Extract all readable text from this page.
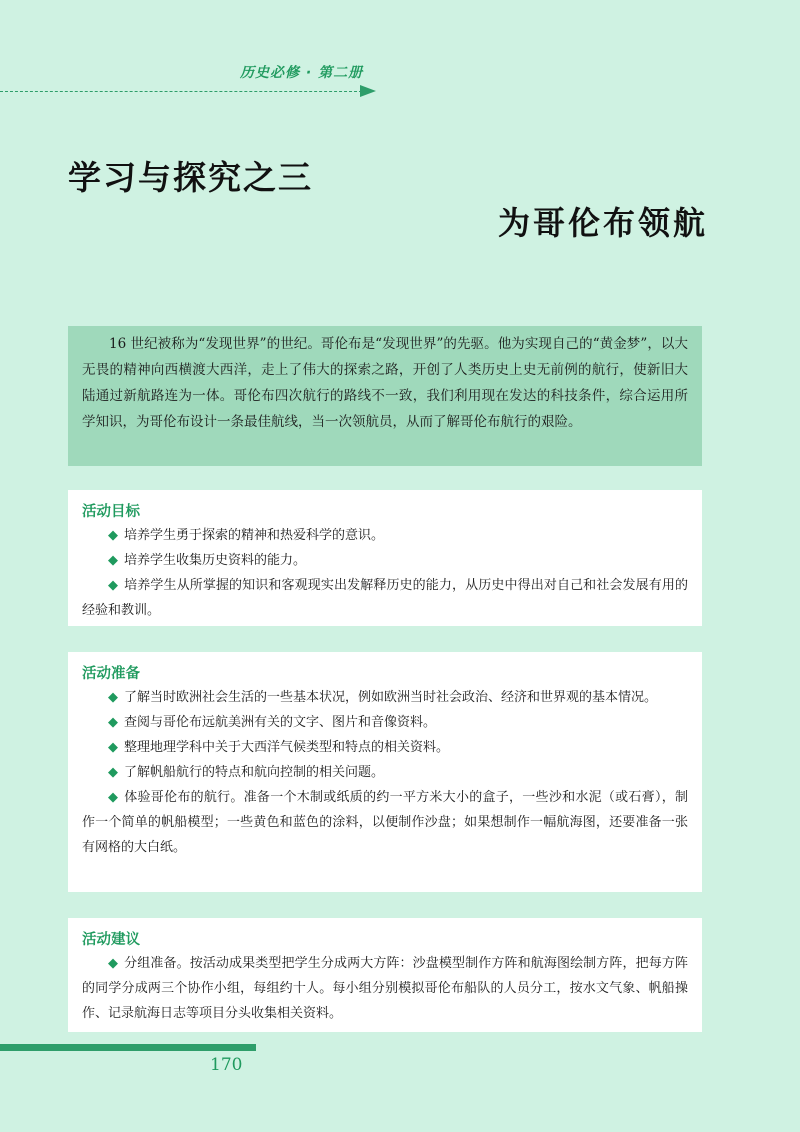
历史必修 · 第二册
学习与探究之三
为哥伦布领航

16 世纪被称为“发现世界”的世纪。哥伦布是“发现世界”的先驱。他为实现自己的“黄金梦”，以大无畏的精神向西横渡大西洋，走上了伟大的探索之路，开创了人类历史上史无前例的航行，使新旧大陆通过新航路连为一体。哥伦布四次航行的路线不一致，我们利用现在发达的科技条件，综合运用所学知识，为哥伦布设计一条最佳航线，当一次领航员，从而了解哥伦布航行的艰险。

活动目标
◆ 培养学生勇于探索的精神和热爱科学的意识。
◆ 培养学生收集历史资料的能力。
◆ 培养学生从所掌握的知识和客观现实出发解释历史的能力，从历史中得出对自己和社会发展有用的经验和教训。
活动准备
◆ 了解当时欧洲社会生活的一些基本状况，例如欧洲当时社会政治、经济和世界观的基本情况。
◆ 查阅与哥伦布远航美洲有关的文字、图片和音像资料。
◆ 整理地理学科中关于大西洋气候类型和特点的相关资料。
◆ 了解帆船航行的特点和航向控制的相关问题。
◆ 体验哥伦布的航行。准备一个木制或纸质的约一平方米大小的盒子，一些沙和水泥（或石膏），制作一个简单的帆船模型；一些黄色和蓝色的涂料，以便制作沙盘；如果想制作一幅航海图，还要准备一张有网格的大白纸。
活动建议
◆ 分组准备。按活动成果类型把学生分成两大方阵：沙盘模型制作方阵和航海图绘制方阵，把每方阵的同学分成两三个协作小组，每组约十人。每小组分别模拟哥伦布船队的人员分工，按水文气象、帆船操作、记录航海日志等项目分头收集相关资料。
170
